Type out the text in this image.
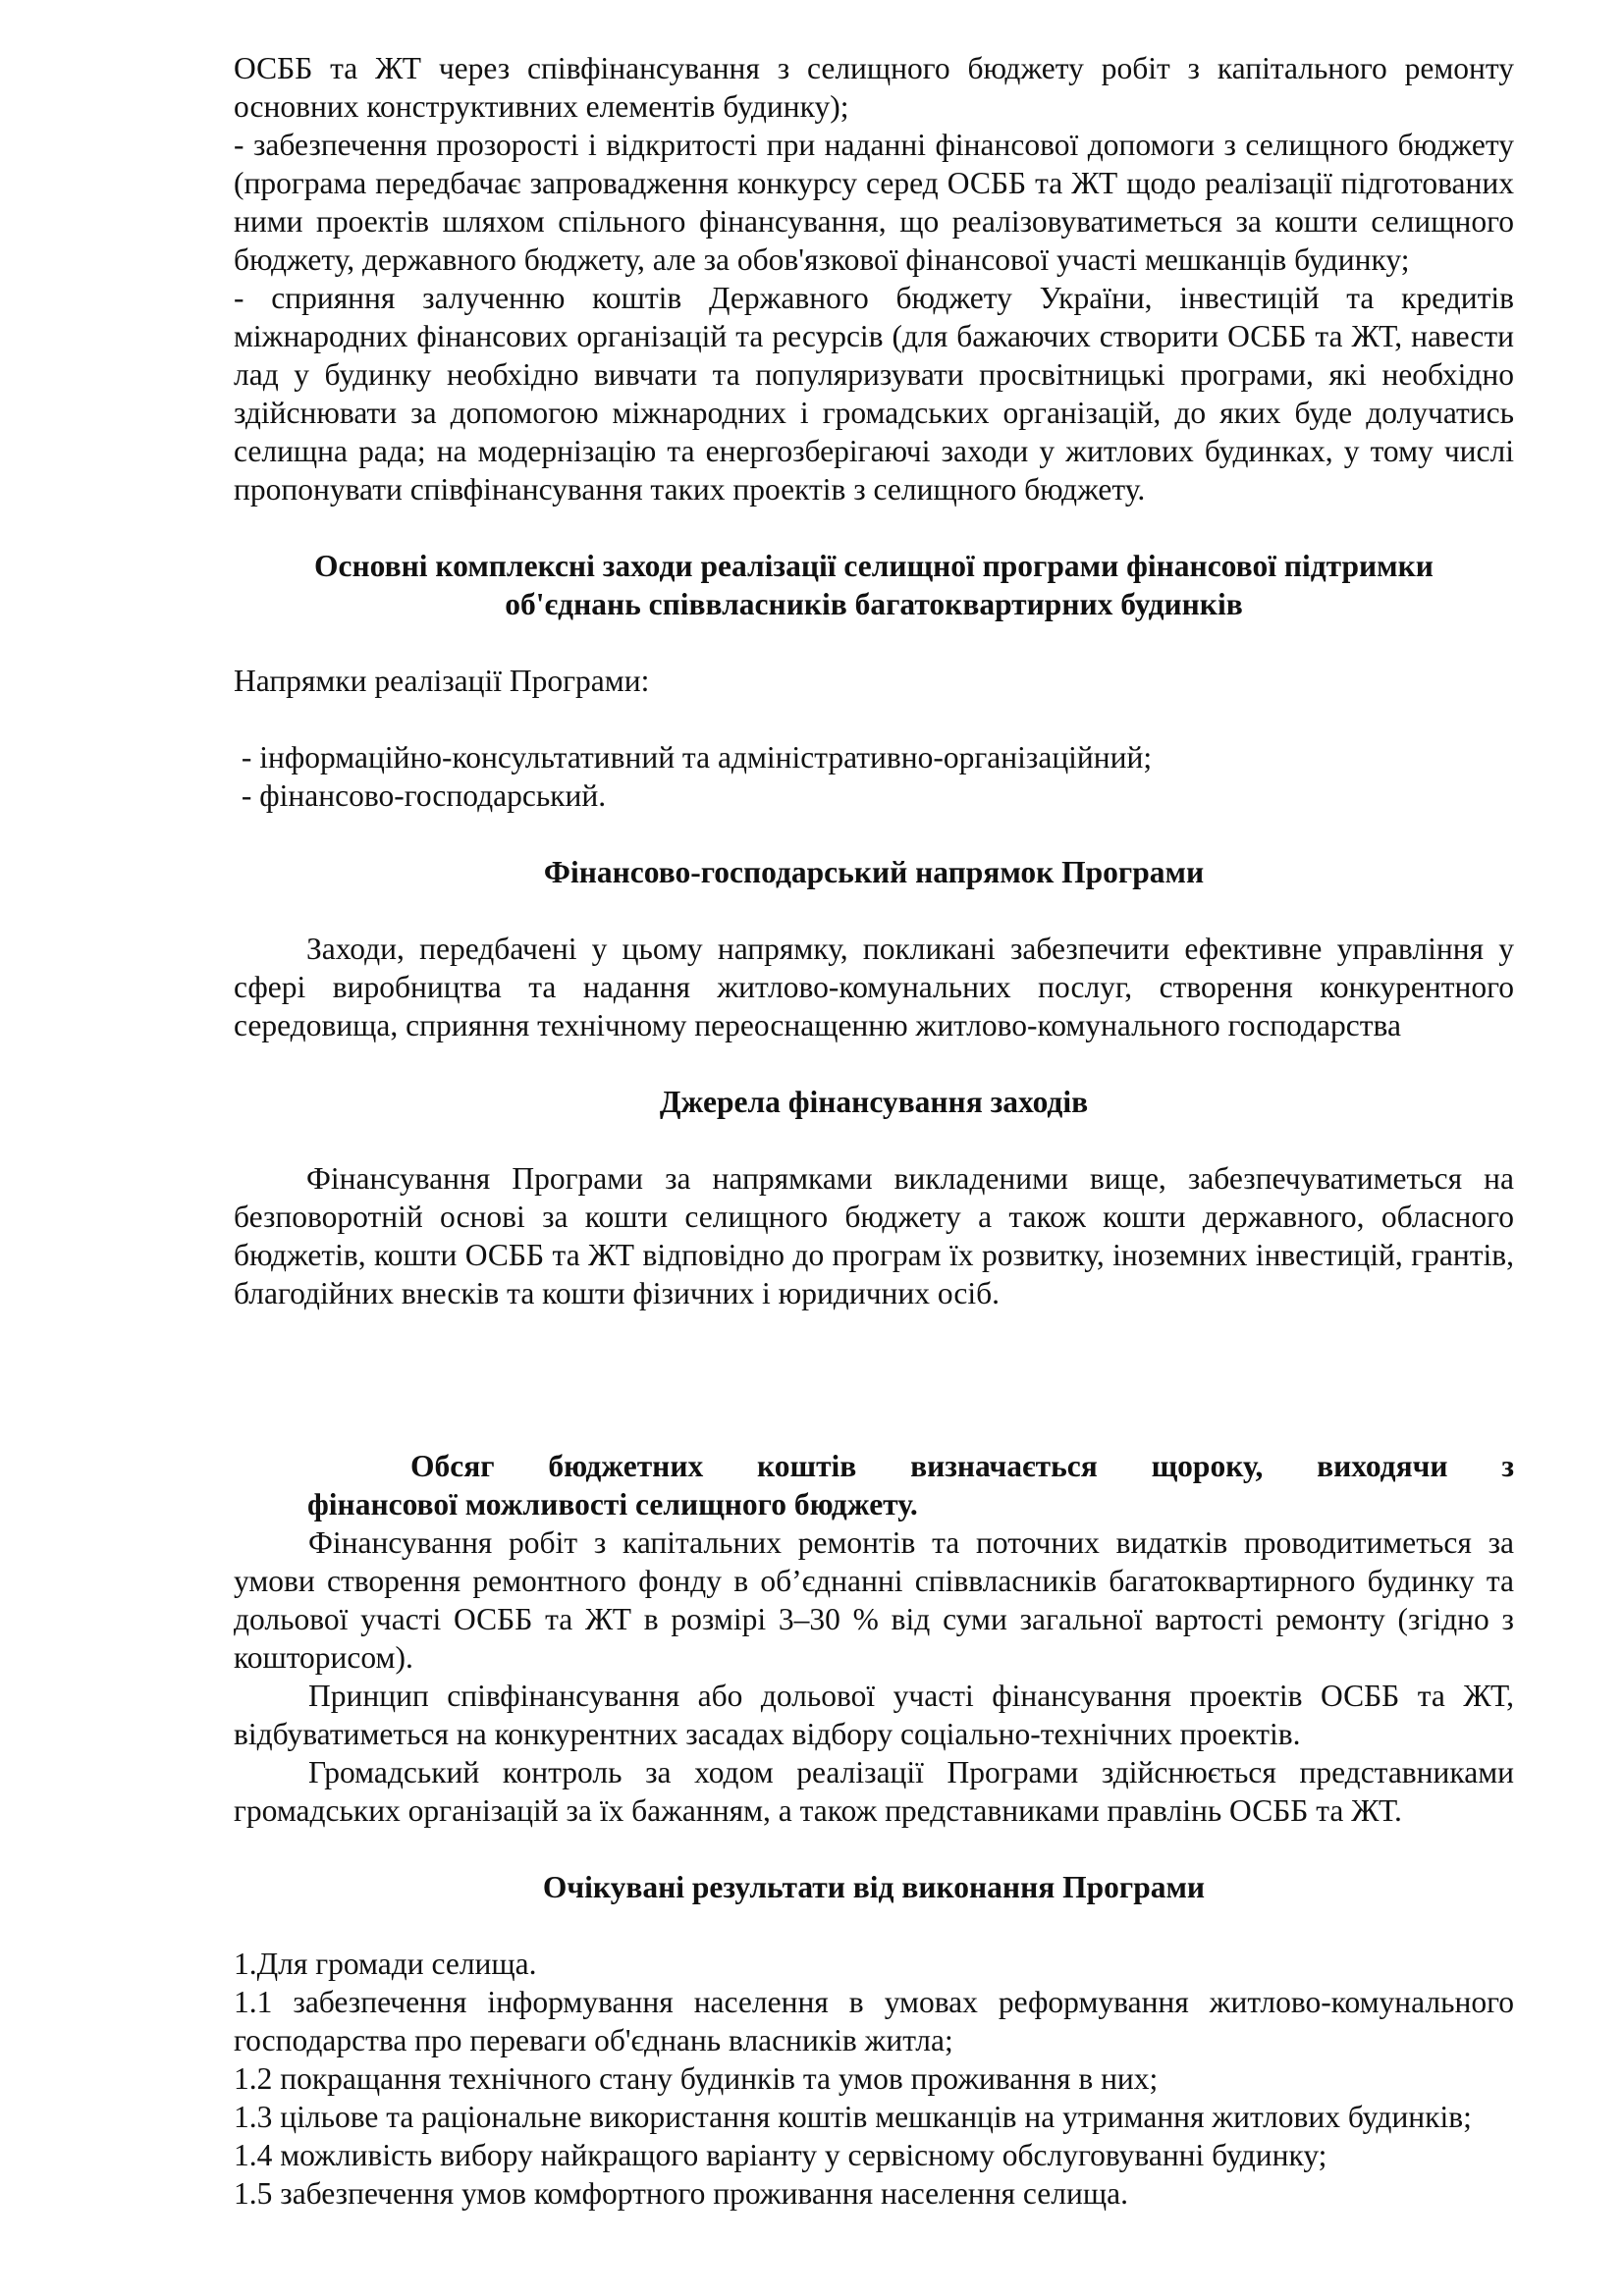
ОСББ та ЖТ через співфінансування з селищного бюджету робіт з капітального ремонту основних конструктивних елементів будинку);

- забезпечення прозорості і відкритості при наданні фінансової допомоги з селищного бюджету (програма передбачає запровадження конкурсу серед ОСББ та ЖТ щодо реалізації підготованих ними проектів шляхом спільного фінансування, що реалізовуватиметься за кошти селищного бюджету, державного бюджету, але за обов'язкової фінансової участі мешканців будинку;

- сприяння залученню коштів Державного бюджету України, інвестицій та кредитів міжнародних фінансових організацій та ресурсів (для бажаючих створити ОСББ та ЖТ, навести лад у будинку необхідно вивчати та популяризувати просвітницькі програми, які необхідно здійснювати за допомогою міжнародних і громадських організацій, до яких буде долучатись селищна рада; на модернізацію та енергозберігаючі заходи у житлових будинках, у тому числі пропонувати співфінансування таких проектів з селищного бюджету.

Основні комплексні заходи реалізації селищної програми фінансової підтримки

об'єднань співвласників багатоквартирних будинків

Напрямки реалізації Програми:

- інформаційно-консультативний та адміністративно-організаційний;

- фінансово-господарський.

Фінансово-господарський напрямок Програми

Заходи, передбачені у цьому напрямку, покликані забезпечити ефективне управління у сфері виробництва та надання житлово-комунальних послуг, створення конкурентного середовища, сприяння технічному переоснащенню житлово-комунального господарства

Джерела фінансування заходів

Фінансування Програми за напрямками викладеними вище, забезпечуватиметься на безповоротній основі за кошти селищного бюджету а також кошти державного, обласного бюджетів, кошти ОСББ та ЖТ відповідно до програм їх розвитку, іноземних інвестицій, грантів, благодійних внесків та кошти фізичних і юридичних осіб.

Обсяг бюджетних коштів визначається щороку, виходячи з

фінансової можливості селищного бюджету.

Фінансування робіт з капітальних ремонтів та поточних видатків проводитиметься за умови створення ремонтного фонду в об’єднанні співвласників багатоквартирного будинку та дольової участі ОСББ та ЖТ в розмірі 3–30 % від суми загальної вартості ремонту (згідно з кошторисом).

Принцип співфінансування або дольової участі фінансування проектів ОСББ та ЖТ, відбуватиметься на конкурентних засадах відбору соціально-технічних проектів.

Громадський контроль за ходом реалізації Програми здійснюється представниками громадських організацій за їх бажанням, а також представниками правлінь ОСББ та ЖТ.

Очікувані результати від виконання Програми

1.Для громади селища.

1.1 забезпечення інформування населення в умовах реформування житлово-комунального господарства про переваги об'єднань власників житла;

1.2 покращання технічного стану будинків та умов проживання в них;

1.3 цільове та раціональне використання коштів мешканців на утримання житлових будинків;

1.4 можливість вибору найкращого варіанту у сервісному обслуговуванні будинку;

1.5 забезпечення умов комфортного проживання населення селища.
